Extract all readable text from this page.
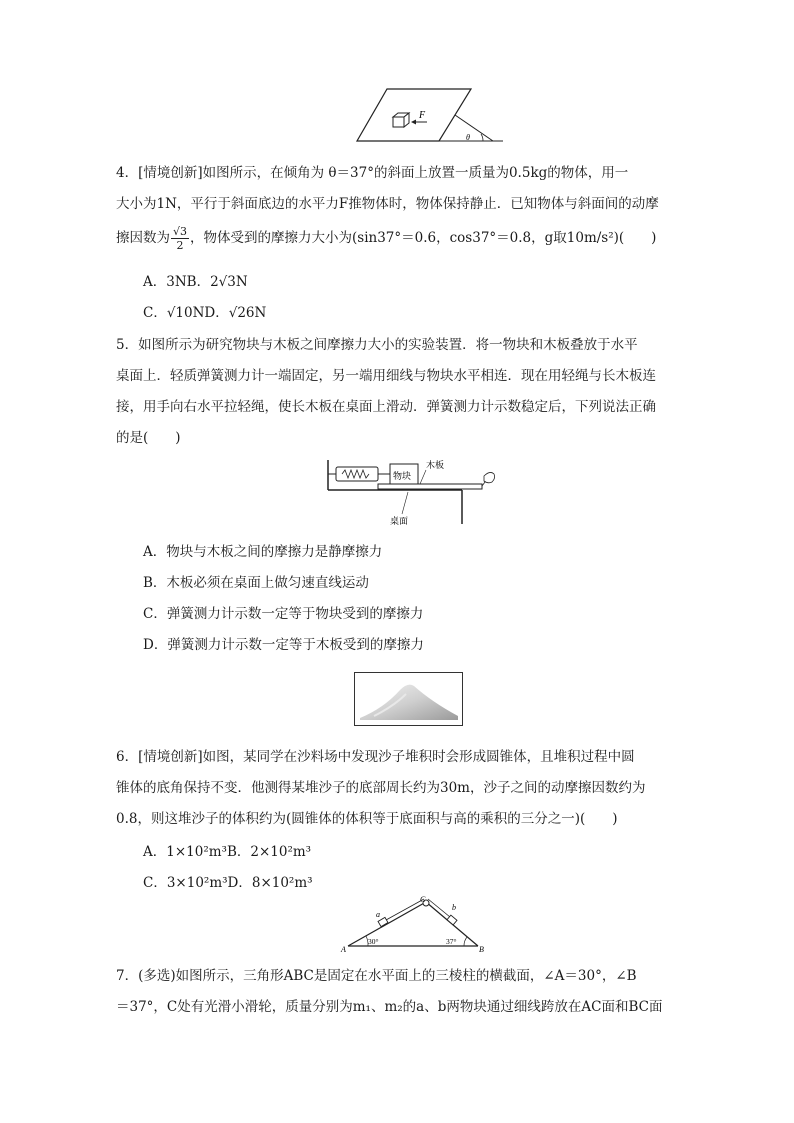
F
θ

4．[情境创新]如图所示，在倾角为 θ＝37°的斜面上放置一质量为0.5kg的物体，用一

大小为1N，平行于斜面底边的水平力F推物体时，物体保持静止．已知物体与斜面间的动摩

擦因数为 $\frac{√3}{2}$ ，物体受到的摩擦力大小为(sin37°＝0.6，cos37°＝0.8，g取10m/s²)(　　)

A．3NB．2√3N

C．√10ND．√26N

5．如图所示为研究物块与木板之间摩擦力大小的实验装置．将一物块和木板叠放于水平

桌面上．轻质弹簧测力计一端固定，另一端用细线与物块水平相连．现在用轻绳与长木板连

接，用手向右水平拉轻绳，使长木板在桌面上滑动．弹簧测力计示数稳定后，下列说法正确

的是(　　)

物块
木板
桌面

A．物块与木板之间的摩擦力是静摩擦力

B．木板必须在桌面上做匀速直线运动

C．弹簧测力计示数一定等于物块受到的摩擦力

D．弹簧测力计示数一定等于木板受到的摩擦力

6．[情境创新]如图，某同学在沙料场中发现沙子堆积时会形成圆锥体，且堆积过程中圆

锥体的底角保持不变．他测得某堆沙子的底部周长约为30m，沙子之间的动摩擦因数约为

0.8，则这堆沙子的体积约为(圆锥体的体积等于底面积与高的乘积的三分之一)(　　)

A．1×10²m³B．2×10²m³

C．3×10²m³D．8×10²m³

a
b
C
A	B
30°	37°

7．(多选)如图所示，三角形ABC是固定在水平面上的三棱柱的横截面，∠A＝30°，∠B

＝37°，C处有光滑小滑轮，质量分别为m₁、m₂的a、b两物块通过细线跨放在AC面和BC面
